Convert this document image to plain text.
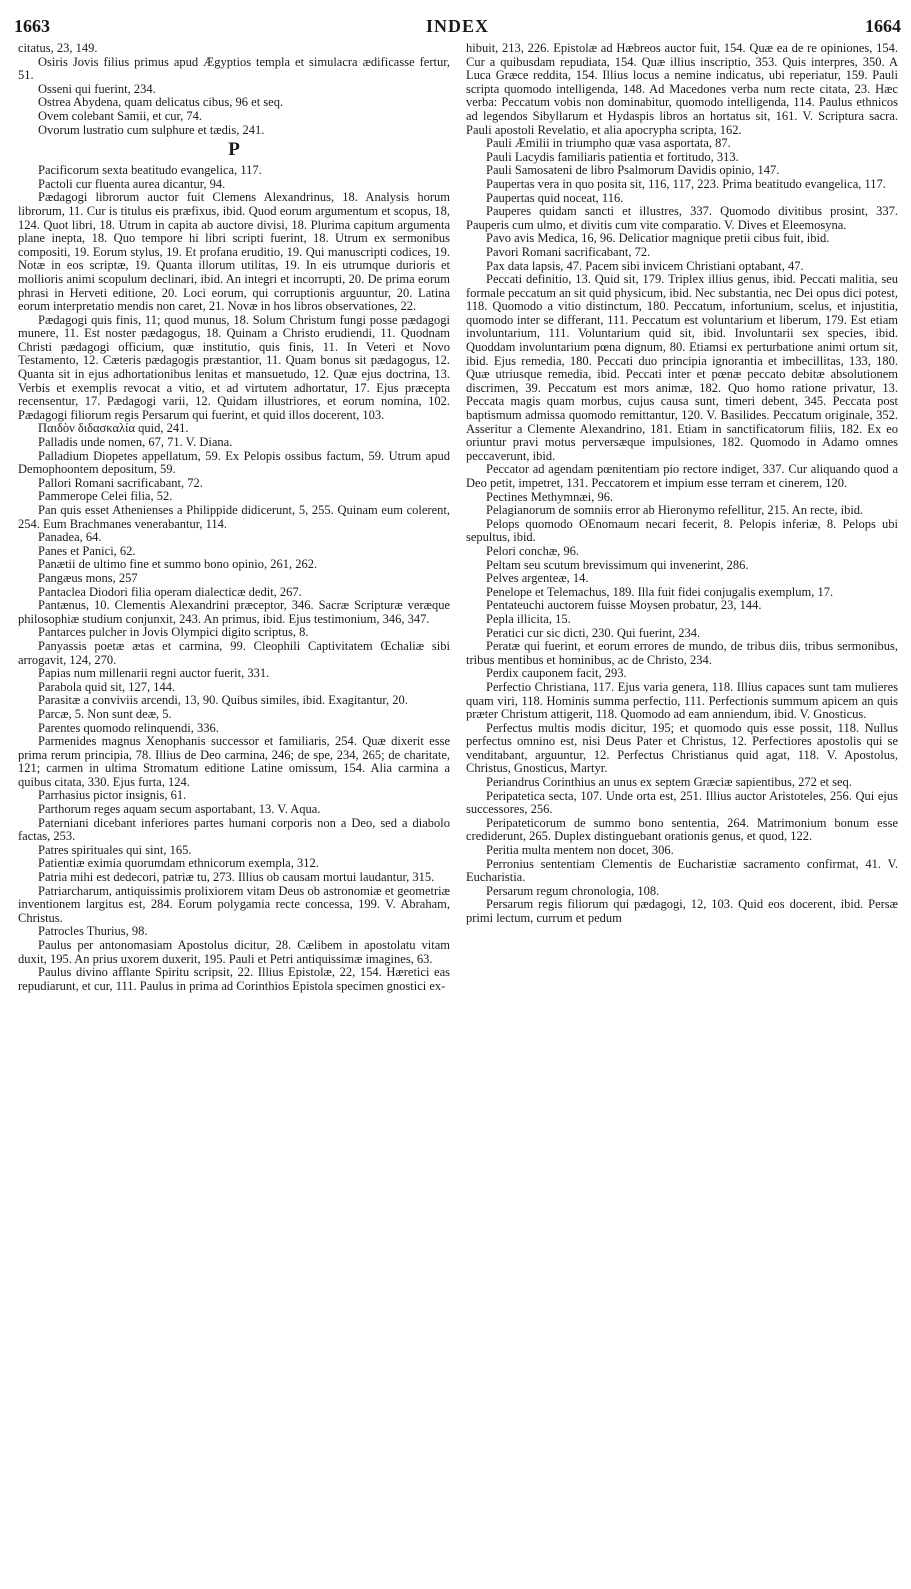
1663	INDEX	1664

citatus, 23, 149.

Osiris Jovis filius primus apud Ægyptios templa et simulacra ædificasse fertur, 51.

Osseni qui fuerint, 234.

Ostrea Abydena, quam delicatus cibus, 96 et seq.

Ovem colebant Samii, et cur, 74.

Ovorum lustratio cum sulphure et tædis, 241.

P

Pacificorum sexta beatitudo evangelica, 117.

Pactoli cur fluenta aurea dicantur, 94.

Pædagogi librorum auctor fuit Clemens Alexandrinus, 18. Analysis horum librorum, 11. Cur is titulus eis præfixus, ibid. Quod eorum argumentum et scopus, 18, 124. Quot libri, 18. Utrum in capita ab auctore divisi, 18. Plurima capitum argumenta plane inepta, 18. Quo tempore hi libri scripti fuerint, 18. Utrum ex sermonibus compositi, 19. Eorum stylus, 19. Et profana eruditio, 19. Qui manuscripti codices, 19. Notæ in eos scriptæ, 19. Quanta illorum utilitas, 19. In eis utrumque durioris et mollioris animi scopulum declinari, ibid. An integri et incorrupti, 20. De prima eorum phrasi in Herveti editione, 20. Loci eorum, qui corruptionis arguuntur, 20. Latina eorum interpretatio mendis non caret, 21. Novæ in hos libros observationes, 22.

Pædagogi quis finis, 11; quod munus, 18. Solum Christum fungi posse pædagogi munere, 11. Est noster pædagogus, 18. Quinam a Christo erudiendi, 11. Quodnam Christi pædagogi officium, quæ institutio, quis finis, 11. In Veteri et Novo Testamento, 12. Cæteris pædagogis præstantior, 11. Quam bonus sit pædagogus, 12. Quanta sit in ejus adhortationibus lenitas et mansuetudo, 12. Quæ ejus doctrina, 13. Verbis et exemplis revocat a vitio, et ad virtutem adhortatur, 17. Ejus præcepta recensentur, 17. Pædagogi varii, 12. Quidam illustriores, et eorum nomina, 102. Pædagogi filiorum regis Persarum qui fuerint, et quid illos docerent, 103.

Παιδὸν διδασκαλία quid, 241.

Palladis unde nomen, 67, 71. V. Diana.

Palladium Diopetes appellatum, 59. Ex Pelopis ossibus factum, 59. Utrum apud Demophoontem depositum, 59.

Pallori Romani sacrificabant, 72.

Pammerope Celei filia, 52.

Pan quis esset Athenienses a Philippide didicerunt, 5, 255. Quinam eum colerent, 254. Eum Brachmanes venerabantur, 114.

Panadea, 64.

Panes et Panici, 62.

Panætii de ultimo fine et summo bono opinio, 261, 262.

Pangæus mons, 257

Pantaclea Diodori filia operam dialecticæ dedit, 267.

Pantænus, 10. Clementis Alexandrini præceptor, 346. Sacræ Scripturæ veræque philosophiæ studium conjunxit, 243. An primus, ibid. Ejus testimonium, 346, 347.

Pantarces pulcher in Jovis Olympici digito scriptus, 8.

Panyassis poetæ ætas et carmina, 99. Cleophili Captivitatem Œchaliæ sibi arrogavit, 124, 270.

Papias num millenarii regni auctor fuerit, 331.

Parabola quid sit, 127, 144.

Parasitæ a conviviis arcendi, 13, 90. Quibus similes, ibid. Exagitantur, 20.

Parcæ, 5. Non sunt deæ, 5.

Parentes quomodo relinquendi, 336.

Parmenides magnus Xenophanis successor et familiaris, 254. Quæ dixerit esse prima rerum principia, 78. Illius de Deo carmina, 246; de spe, 234, 265; de charitate, 121; carmen in ultima Stromatum editione Latine omissum, 154. Alia carmina a quibus citata, 330. Ejus furta, 124.

Parrhasius pictor insignis, 61.

Parthorum reges aquam secum asportabant, 13. V. Aqua.

Paterniani dicebant inferiores partes humani corporis non a Deo, sed a diabolo factas, 253.

Patres spirituales qui sint, 165.

Patientiæ eximia quorumdam ethnicorum exempla, 312.

Patria mihi est dedecori, patriæ tu, 273. Illius ob causam mortui laudantur, 315.

Patriarcharum, antiquissimis prolixiorem vitam Deus ob astronomiæ et geometriæ inventionem largitus est, 284. Eorum polygamia recte concessa, 199. V. Abraham, Christus.

Patrocles Thurius, 98.

Paulus per antonomasiam Apostolus dicitur, 28. Cælibem in apostolatu vitam duxit, 195. An prius uxorem duxerit, 195. Pauli et Petri antiquissimæ imagines, 63.

Paulus divino afflante Spiritu scripsit, 22. Illius Epistolæ, 22, 154. Hæretici eas repudiarunt, et cur, 111. Paulus in prima ad Corinthios Epistola specimen gnostici ex-

hibuit, 213, 226. Epistolæ ad Hæbreos auctor fuit, 154. Quæ ea de re opiniones, 154. Cur a quibusdam repudiata, 154. Quæ illius inscriptio, 353. Quis interpres, 350. A Luca Græce reddita, 154. Illius locus a nemine indicatus, ubi reperiatur, 159. Pauli scripta quomodo intelligenda, 148. Ad Macedones verba num recte citata, 23. Hæc verba: Peccatum vobis non dominabitur, quomodo intelligenda, 114. Paulus ethnicos ad legendos Sibyllarum et Hydaspis libros an hortatus sit, 161. V. Scriptura sacra. Pauli apostoli Revelatio, et alia apocrypha scripta, 162.

Pauli Æmilii in triumpho quæ vasa asportata, 87.

Pauli Lacydis familiaris patientia et fortitudo, 313.

Pauli Samosateni de libro Psalmorum Davidis opinio, 147.

Paupertas vera in quo posita sit, 116, 117, 223. Prima beatitudo evangelica, 117.

Paupertas quid noceat, 116.

Pauperes quidam sancti et illustres, 337. Quomodo divitibus prosint, 337. Pauperis cum ulmo, et divitis cum vite comparatio. V. Dives et Eleemosyna.

Pavo avis Medica, 16, 96. Delicatior magnique pretii cibus fuit, ibid.

Pavori Romani sacrificabant, 72.

Pax data lapsis, 47. Pacem sibi invicem Christiani optabant, 47.

Peccati definitio, 13. Quid sit, 179. Triplex illius genus, ibid. Peccati malitia, seu formale peccatum an sit quid physicum, ibid. Nec substantia, nec Dei opus dici potest, 118. Quomodo a vitio distinctum, 180. Peccatum, infortunium, scelus, et injustitia, quomodo inter se differant, 111. Peccatum est voluntarium et liberum, 179. Est etiam involuntarium, 111. Voluntarium quid sit, ibid. Involuntarii sex species, ibid. Quoddam involuntarium pœna dignum, 80. Etiamsi ex perturbatione animi ortum sit, ibid. Ejus remedia, 180. Peccati duo principia ignorantia et imbecillitas, 133, 180. Quæ utriusque remedia, ibid. Peccati inter et pœnæ peccato debitæ absolutionem discrimen, 39. Peccatum est mors animæ, 182. Quo homo ratione privatur, 13. Peccata magis quam morbus, cujus causa sunt, timeri debent, 345. Peccata post baptismum admissa quomodo remittantur, 120. V. Basilides. Peccatum originale, 352. Asseritur a Clemente Alexandrino, 181. Etiam in sanctificatorum filiis, 182. Ex eo oriuntur pravi motus perversæque impulsiones, 182. Quomodo in Adamo omnes peccaverunt, ibid.

Peccator ad agendam pœnitentiam pio rectore indiget, 337. Cur aliquando quod a Deo petit, impetret, 131. Peccatorem et impium esse terram et cinerem, 120.

Pectines Methymnæi, 96.

Pelagianorum de somniis error ab Hieronymo refellitur, 215. An recte, ibid.

Pelops quomodo OEnomaum necari fecerit, 8. Pelopis inferiæ, 8. Pelops ubi sepultus, ibid.

Pelori conchæ, 96.

Peltam seu scutum brevissimum qui invenerint, 286.

Pelves argenteæ, 14.

Penelope et Telemachus, 189. Illa fuit fidei conjugalis exemplum, 17.

Pentateuchi auctorem fuisse Moysen probatur, 23, 144.

Pepla illicita, 15.

Peratici cur sic dicti, 230. Qui fuerint, 234.

Peratæ qui fuerint, et eorum errores de mundo, de tribus diis, tribus sermonibus, tribus mentibus et hominibus, ac de Christo, 234.

Perdix cauponem facit, 293.

Perfectio Christiana, 117. Ejus varia genera, 118. Illius capaces sunt tam mulieres quam viri, 118. Hominis summa perfectio, 111. Perfectionis summum apicem an quis præter Christum attigerit, 118. Quomodo ad eam anniendum, ibid. V. Gnosticus.

Perfectus multis modis dicitur, 195; et quomodo quis esse possit, 118. Nullus perfectus omnino est, nisi Deus Pater et Christus, 12. Perfectiores apostolis qui se venditabant, arguuntur, 12. Perfectus Christianus quid agat, 118. V. Apostolus, Christus, Gnosticus, Martyr.

Periandrus Corinthius an unus ex septem Græciæ sapientibus, 272 et seq.

Peripatetica secta, 107. Unde orta est, 251. Illius auctor Aristoteles, 256. Qui ejus successores, 256.

Peripateticorum de summo bono sententia, 264. Matrimonium bonum esse crediderunt, 265. Duplex distinguebant orationis genus, et quod, 122.

Peritia multa mentem non docet, 306.

Perronius sententiam Clementis de Eucharistiæ sacramento confirmat, 41. V. Eucharistia.

Persarum regum chronologia, 108.

Persarum regis filiorum qui pædagogi, 12, 103. Quid eos docerent, ibid. Persæ primi lectum, currum et pedum
